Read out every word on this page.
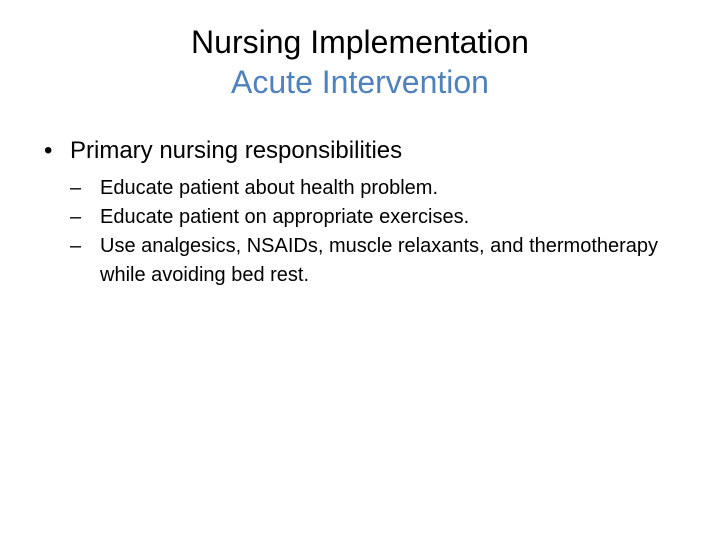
Nursing Implementation
Acute Intervention
• Primary nursing responsibilities
– Educate patient about health problem.
– Educate patient on appropriate exercises.
– Use analgesics, NSAIDs, muscle relaxants, and thermotherapy while avoiding bed rest.
